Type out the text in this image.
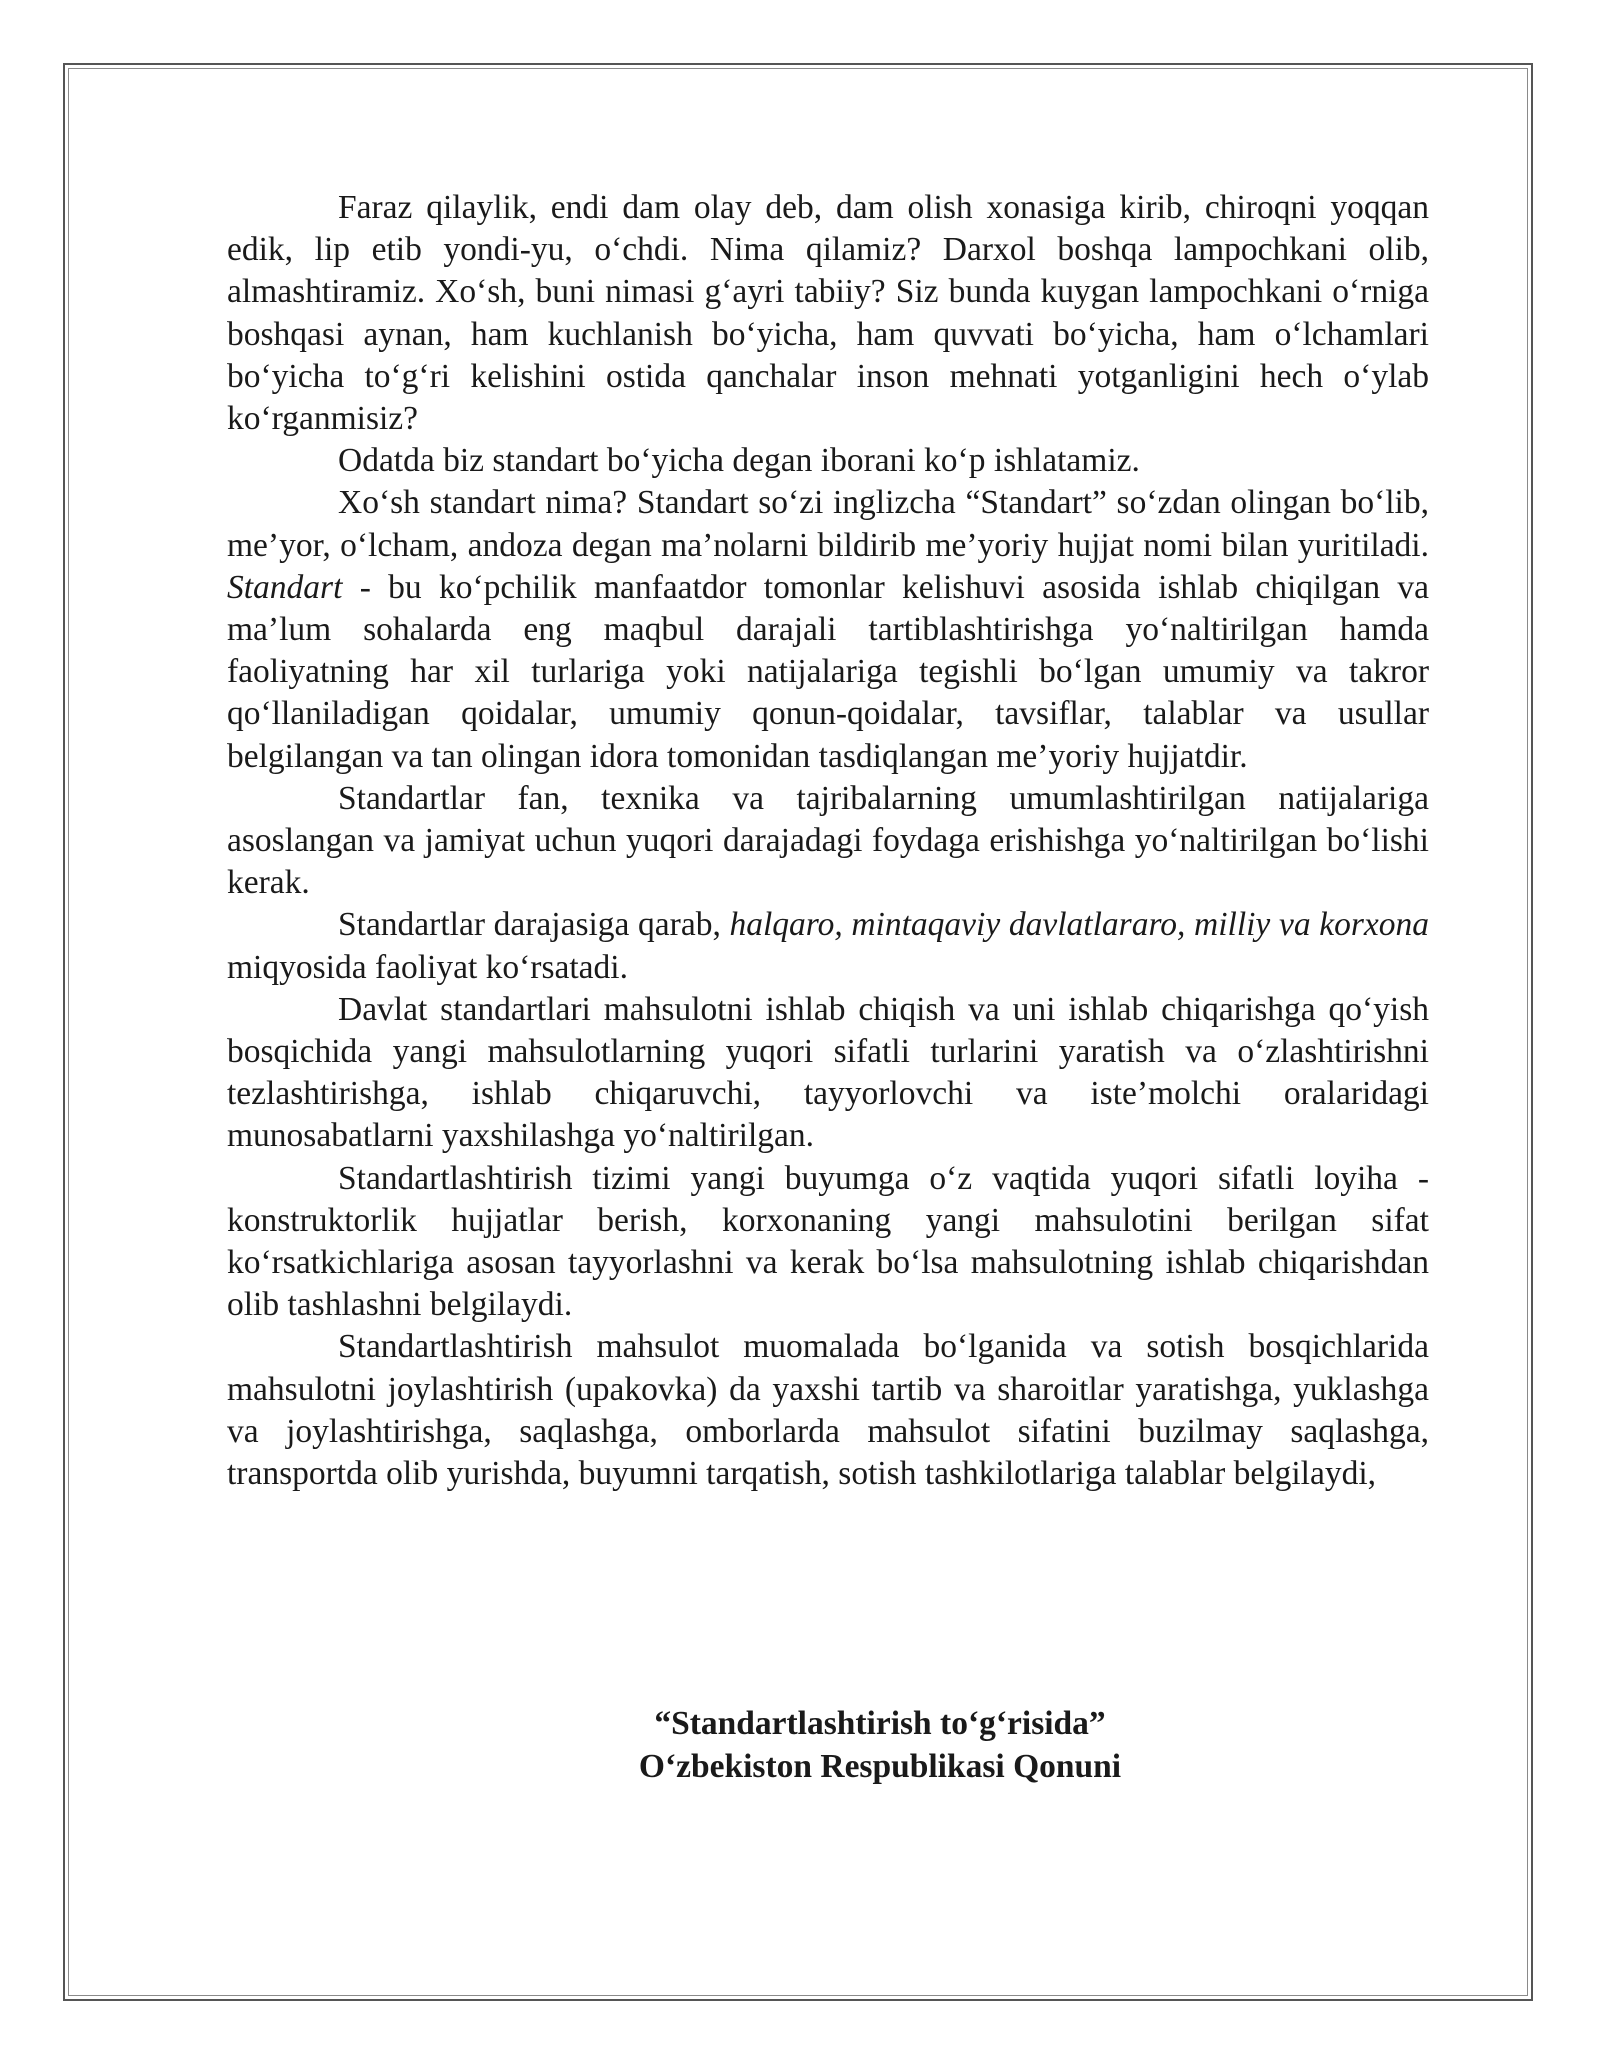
Faraz qilaylik, endi dam olay deb, dam olish xonasiga kirib, chiroqni yoqqan edik, lip etib yondi-yu, o‘chdi. Nima qilamiz? Darxol boshqa lampochkani olib, almashtiramiz. Xo‘sh, buni nimasi g‘ayri tabiiy? Siz bunda kuygan lampochkani o‘rniga boshqasi aynan, ham kuchlanish bo‘yicha, ham quvvati bo‘yicha, ham o‘lchamlari bo‘yicha to‘g‘ri kelishini ostida qanchalar inson mehnati yotganligini hech o‘ylab ko‘rganmisiz?

Odatda biz standart bo‘yicha degan iborani ko‘p ishlatamiz.

Xo‘sh standart nima? Standart so‘zi inglizcha “Standart” so‘zdan olingan bo‘lib, me’yor, o‘lcham, andoza degan ma’nolarni bildirib me’yoriy hujjat nomi bilan yuritiladi. Standart - bu ko‘pchilik manfaatdor tomonlar kelishuvi asosida ishlab chiqilgan va ma’lum sohalarda eng maqbul darajali tartiblashtirishga yo‘naltirilgan hamda faoliyatning har xil turlariga yoki natijalariga tegishli bo‘lgan umumiy va takror qo‘llaniladigan qoidalar, umumiy qonun-qoidalar, tavsiflar, talablar va usullar belgilangan va tan olingan idora tomonidan tasdiqlangan me’yoriy hujjatdir.

Standartlar fan, texnika va tajribalarning umumlashtirilgan natijalariga asoslangan va jamiyat uchun yuqori darajadagi foydaga erishishga yo‘naltirilgan bo‘lishi kerak.

Standartlar darajasiga qarab, halqaro, mintaqaviy davlatlararo, milliy va korxona miqyosida faoliyat ko‘rsatadi.

Davlat standartlari mahsulotni ishlab chiqish va uni ishlab chiqarishga qo‘yish bosqichida yangi mahsulotlarning yuqori sifatli turlarini yaratish va o‘zlashtirishni tezlashtirishga, ishlab chiqaruvchi, tayyorlovchi va iste’molchi oralaridagi munosabatlarni yaxshilashga yo‘naltirilgan.

Standartlashtirish tizimi yangi buyumga o‘z vaqtida yuqori sifatli loyiha - konstruktorlik hujjatlar berish, korxonaning yangi mahsulotini berilgan sifat ko‘rsatkichlariga asosan tayyorlashni va kerak bo‘lsa mahsulotning ishlab chiqarishdan olib tashlashni belgilaydi.

Standartlashtirish mahsulot muomalada bo‘lganida va sotish bosqichlarida mahsulotni joylashtirish (upakovka) da yaxshi tartib va sharoitlar yaratishga, yuklashga va joylashtirishga, saqlashga, omborlarda mahsulot sifatini buzilmay saqlashga, transportda olib yurishda, buyumni tarqatish, sotish tashkilotlariga talablar belgilaydi,

“Standartlashtirish to‘g‘risida”
O‘zbekiston Respublikasi Qonuni
